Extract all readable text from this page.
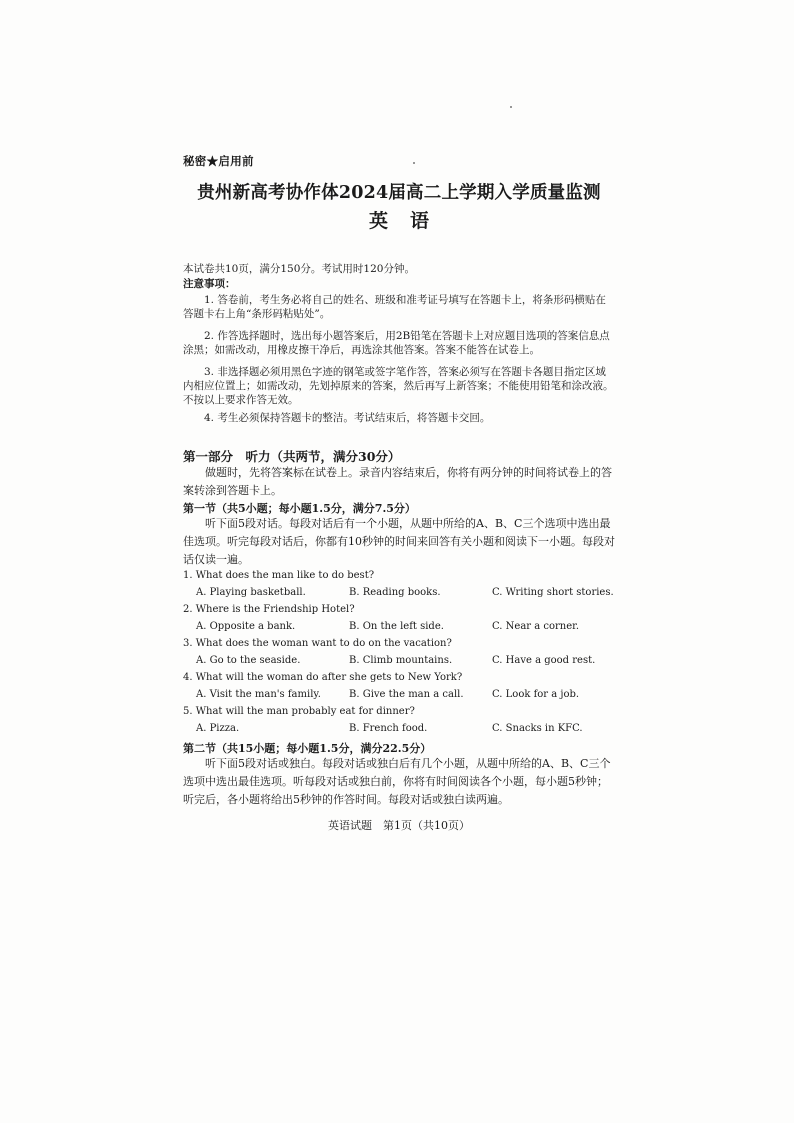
秘密★启用前
贵州新高考协作体2024届高二上学期入学质量监测
英语
本试卷共10页，满分150分。考试用时120分钟。
注意事项：
1. 答卷前，考生务必将自己的姓名、班级和准考证号填写在答题卡上，将条形码横贴在答题卡右上角“条形码粘贴处”。
2. 作答选择题时，选出每小题答案后，用2B铅笔在答题卡上对应题目选项的答案信息点涂黑；如需改动，用橡皮擦干净后，再选涂其他答案。答案不能答在试卷上。
3. 非选择题必须用黑色字迹的钢笔或签字笔作答，答案必须写在答题卡各题目指定区域内相应位置上；如需改动，先划掉原来的答案，然后再写上新答案；不能使用铅笔和涂改液。不按以上要求作答无效。
4. 考生必须保持答题卡的整洁。考试结束后，将答题卡交回。
第一部分　听力（共两节，满分30分）
做题时，先将答案标在试卷上。录音内容结束后，你将有两分钟的时间将试卷上的答案转涂到答题卡上。
第一节（共5小题；每小题1.5分，满分7.5分）
听下面5段对话。每段对话后有一个小题，从题中所给的A、B、C三个选项中选出最佳选项。听完每段对话后，你都有10秒钟的时间来回答有关小题和阅读下一小题。每段对话仅读一遍。
1. What does the man like to do best?
A. Playing basketball.	B. Reading books.	C. Writing short stories.
2. Where is the Friendship Hotel?
A. Opposite a bank.	B. On the left side.	C. Near a corner.
3. What does the woman want to do on the vacation?
A. Go to the seaside.	B. Climb mountains.	C. Have a good rest.
4. What will the woman do after she gets to New York?
A. Visit the man's family.	B. Give the man a call.	C. Look for a job.
5. What will the man probably eat for dinner?
A. Pizza.	B. French food.	C. Snacks in KFC.
第二节（共15小题；每小题1.5分，满分22.5分）
听下面5段对话或独白。每段对话或独白后有几个小题，从题中所给的A、B、C三个选项中选出最佳选项。听每段对话或独白前，你将有时间阅读各个小题，每小题5秒钟；听完后，各小题将给出5秒钟的作答时间。每段对话或独白读两遍。
英语试题　第1页（共10页）
